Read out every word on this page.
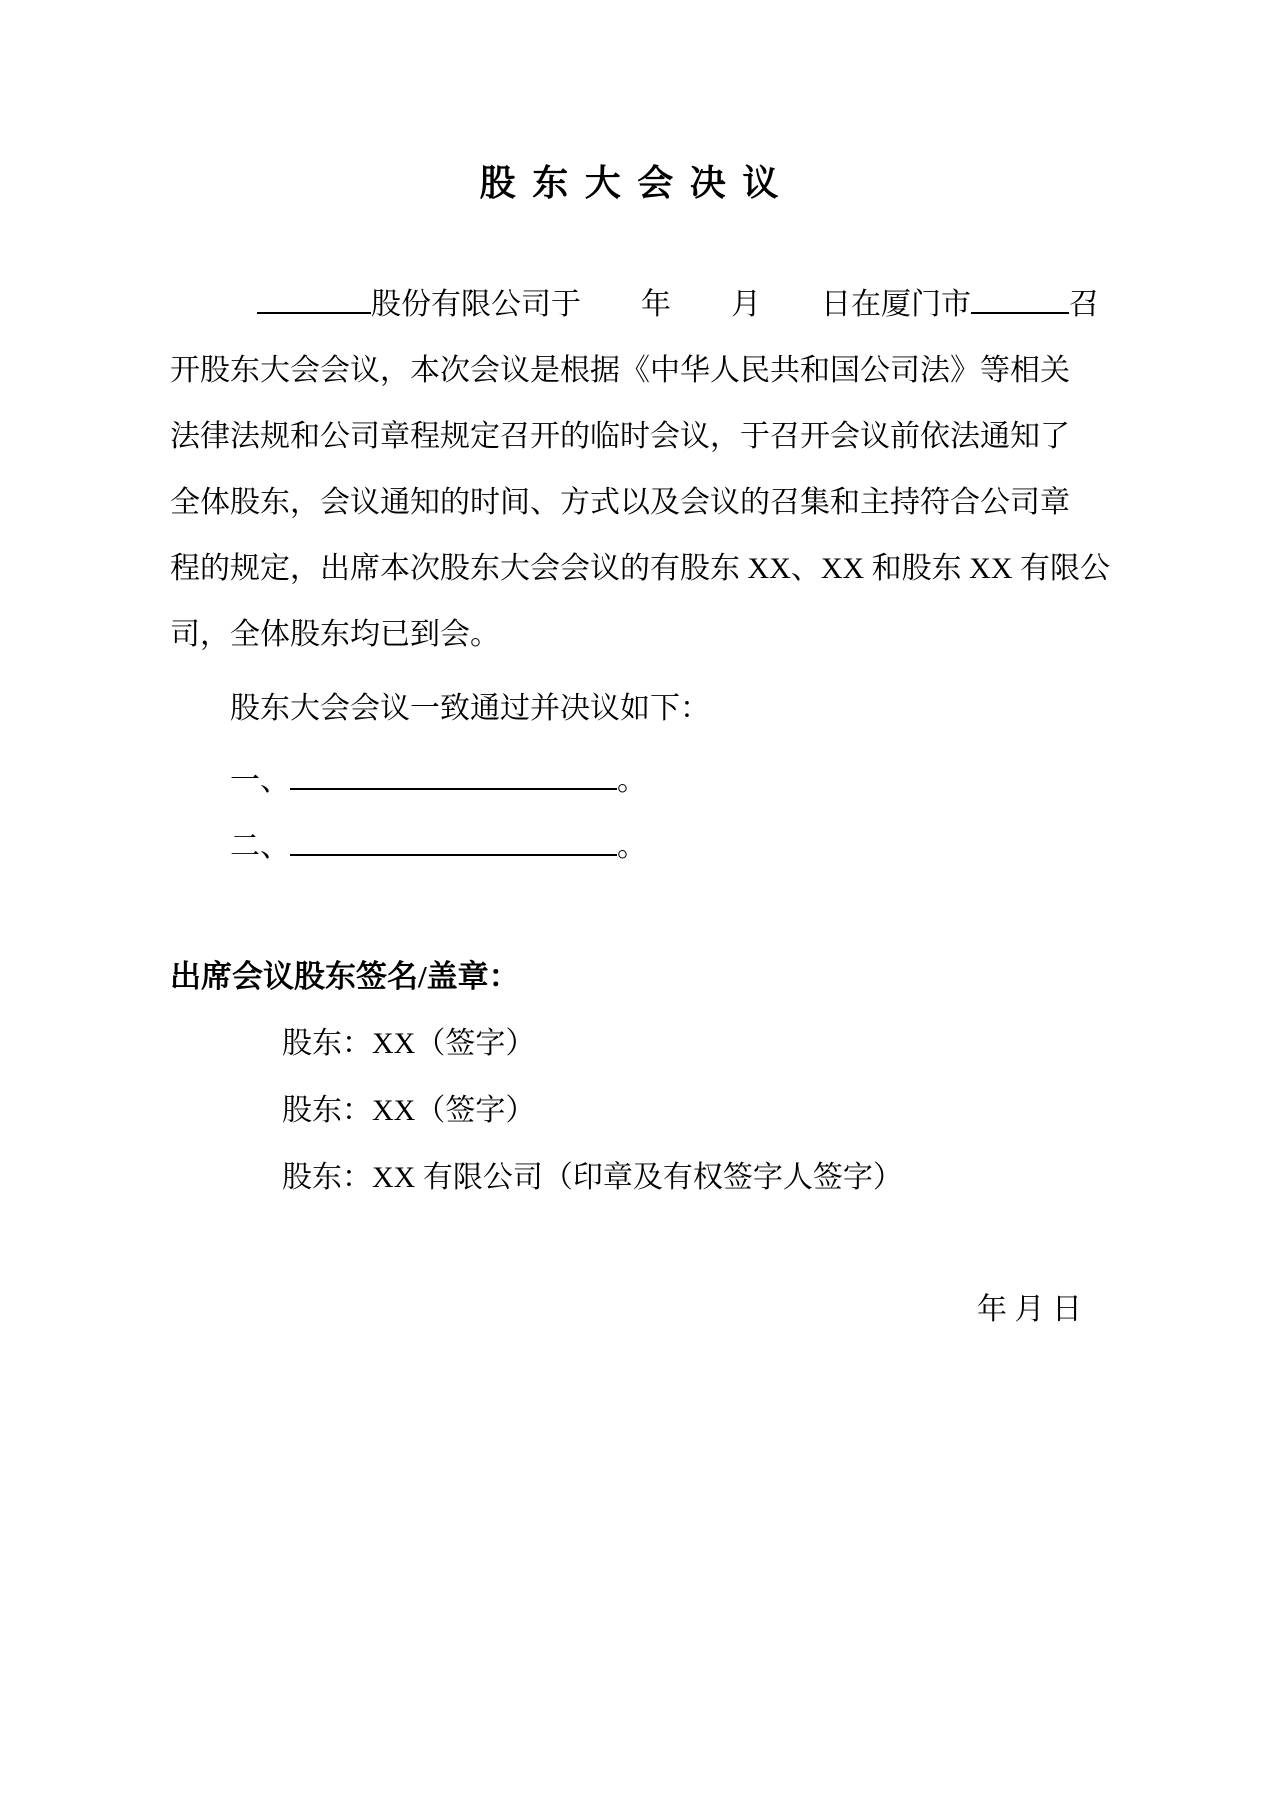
股 东 大 会 决 议
股份有限公司于　　年　　月　　日在厦门市	召
开股东大会会议，本次会议是根据《中华人民共和国公司法》等相关
法律法规和公司章程规定召开的临时会议，于召开会议前依法通知了
全体股东，会议通知的时间、方式以及会议的召集和主持符合公司章
程的规定，出席本次股东大会会议的有股东 XX、XX 和股东 XX 有限公
司，全体股东均已到会。
股东大会会议一致通过并决议如下：
一、	。
二、	。
出席会议股东签名/盖章：
股东：XX（签字）
股东：XX（签字）
股东：XX 有限公司（印章及有权签字人签字）
年 月 日
